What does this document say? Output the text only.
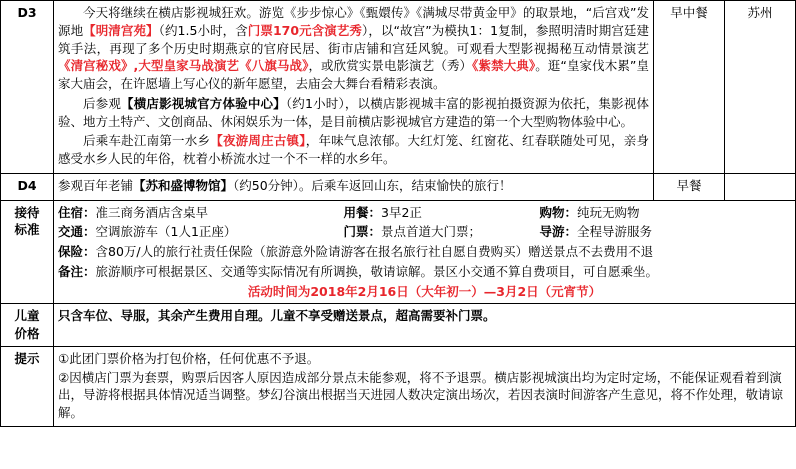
D3	今天将继续在横店影视城狂欢。游览《步步惊心》《甄嬛传》《满城尽带黄金甲》的取景地，“后宫戏”发源地【明清宫苑】（约1.5小时，含门票170元含演艺秀），以“故宫”为模执1：1复制，参照明清时期宫廷建筑手法，再现了多个历史时期燕京的官府民居、街市店铺和宫廷风貌。可观看大型影视揭秘互动情景演艺《清宫秘戏》,大型皇家马战演艺《八旗马战》，或欣赏实景电影演艺（秀）《紫禁大典》。逛“皇家伐木累”皇家大庙会，在许愿墙上写心仪的新年愿望，去庙会大舞台看精彩表演。

后参观【横店影视城官方体验中心】（约1小时），以横店影视城丰富的影视拍摄资源为依托，集影视体验、地方土特产、文创商品、休闲娱乐为一体，是目前横店影视城官方建造的第一个大型购物体验中心。

后乘车赴江南第一水乡【夜游周庄古镇】，年味气息浓郁。大红灯笼、红窗花、红春联随处可见，亲身感受水乡人民的年俗，枕着小桥流水过一个不一样的水乡年。	早中餐	苏州
D4	参观百年老铺【苏和盛博物馆】（约50分钟）。后乘车返回山东，结束愉快的旅行！	早餐	

接待
标准

住宿： 准三商务酒店含桌早	用餐：3早2正	购物：纯玩无购物
交通： 空调旅游车（1人1正座）	门票：景点首道大门票；	导游：全程导游服务
保险： 含80万/人的旅行社责任保险（旅游意外险请游客在报名旅行社自愿自费购买）赠送景点不去费用不退
备注： 旅游顺序可根据景区、交通等实际情况有所调换，敬请谅解。景区小交通不算自费项目，可自愿乘坐。
活动时间为2018年2月16日（大年初一）—3月2日（元宵节）

儿童
价格	只含车位、导服，其余产生费用自理。儿童不享受赠送景点，超高需要补门票。		
提示	①此团门票价格为打包价格，任何优惠不予退。

②因横店门票为套票，购票后因客人原因造成部分景点未能参观，将不予退票。横店影视城演出均为定时定场，不能保证观看着到演出，导游将根据具体情况适当调整。梦幻谷演出根据当天进园人数决定演出场次，若因表演时间游客产生意见，将不作处理，敬请谅解。		
